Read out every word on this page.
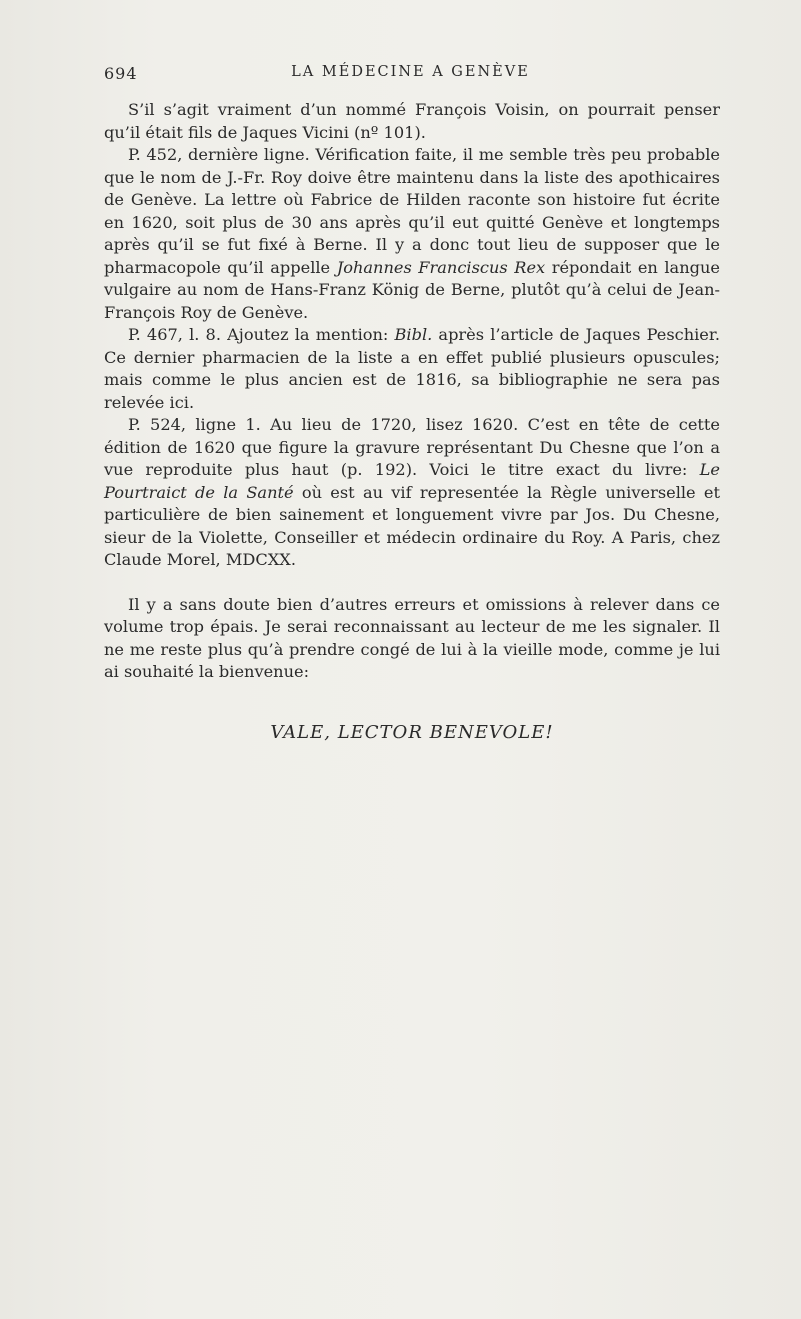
694	LA MÉDECINE A GENÈVE

S’il s’agit vraiment d’un nommé François Voisin, on pourrait penser qu’il était fils de Jaques Vicini (nº 101).

P. 452, dernière ligne. Vérification faite, il me semble très peu probable que le nom de J.-Fr. Roy doive être maintenu dans la liste des apothicaires de Genève. La lettre où Fabrice de Hilden raconte son histoire fut écrite en 1620, soit plus de 30 ans après qu’il eut quitté Genève et longtemps après qu’il se fut fixé à Berne. Il y a donc tout lieu de supposer que le pharmacopole qu’il appelle Johannes Franciscus Rex répondait en langue vulgaire au nom de Hans-Franz König de Berne, plutôt qu’à celui de Jean-François Roy de Genève.

P. 467, l. 8. Ajoutez la mention: Bibl. après l’article de Jaques Peschier. Ce dernier pharmacien de la liste a en effet publié plusieurs opuscules; mais comme le plus ancien est de 1816, sa bibliographie ne sera pas relevée ici.

P. 524, ligne 1. Au lieu de 1720, lisez 1620. C’est en tête de cette édition de 1620 que figure la gravure représentant Du Chesne que l’on a vue reproduite plus haut (p. 192). Voici le titre exact du livre: Le Pourtraict de la Santé où est au vif representée la Règle universelle et particulière de bien sainement et longuement vivre par Jos. Du Chesne, sieur de la Violette, Conseiller et médecin ordinaire du Roy. A Paris, chez Claude Morel, MDCXX.

Il y a sans doute bien d’autres erreurs et omissions à relever dans ce volume trop épais. Je serai reconnaissant au lecteur de me les signaler. Il ne me reste plus qu’à prendre congé de lui à la vieille mode, comme je lui ai souhaité la bienvenue:

VALE, LECTOR BENEVOLE!
